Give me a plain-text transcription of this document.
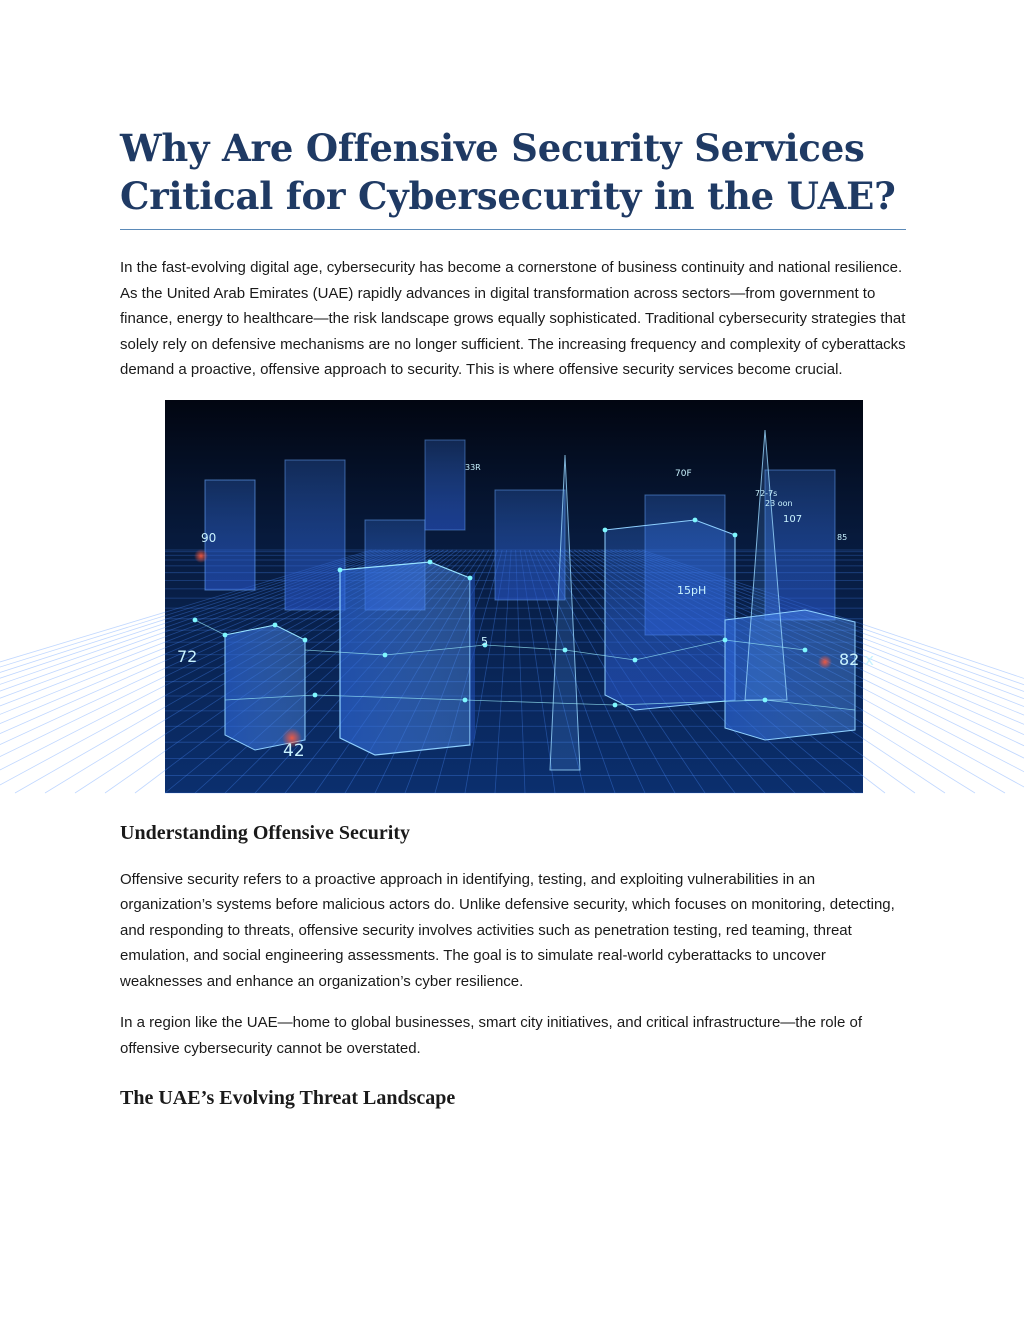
Why Are Offensive Security Services Critical for Cybersecurity in the UAE?

In the fast-evolving digital age, cybersecurity has become a cornerstone of business continuity and national resilience. As the United Arab Emirates (UAE) rapidly advances in digital transformation across sectors—from government to finance, energy to healthcare—the risk landscape grows equally sophisticated. Traditional cybersecurity strategies that solely rely on defensive mechanisms are no longer sufficient. The increasing frequency and complexity of cyberattacks demand a proactive, offensive approach to security. This is where offensive security services become crucial.

90
72
42
5
15pH
107
82 x
70F
33R
72-7s
23 oon
85
Understanding Offensive Security

Offensive security refers to a proactive approach in identifying, testing, and exploiting vulnerabilities in an organization’s systems before malicious actors do. Unlike defensive security, which focuses on monitoring, detecting, and responding to threats, offensive security involves activities such as penetration testing, red teaming, threat emulation, and social engineering assessments. The goal is to simulate real-world cyberattacks to uncover weaknesses and enhance an organization’s cyber resilience.

In a region like the UAE—home to global businesses, smart city initiatives, and critical infrastructure—the role of offensive cybersecurity cannot be overstated.

The UAE’s Evolving Threat Landscape
